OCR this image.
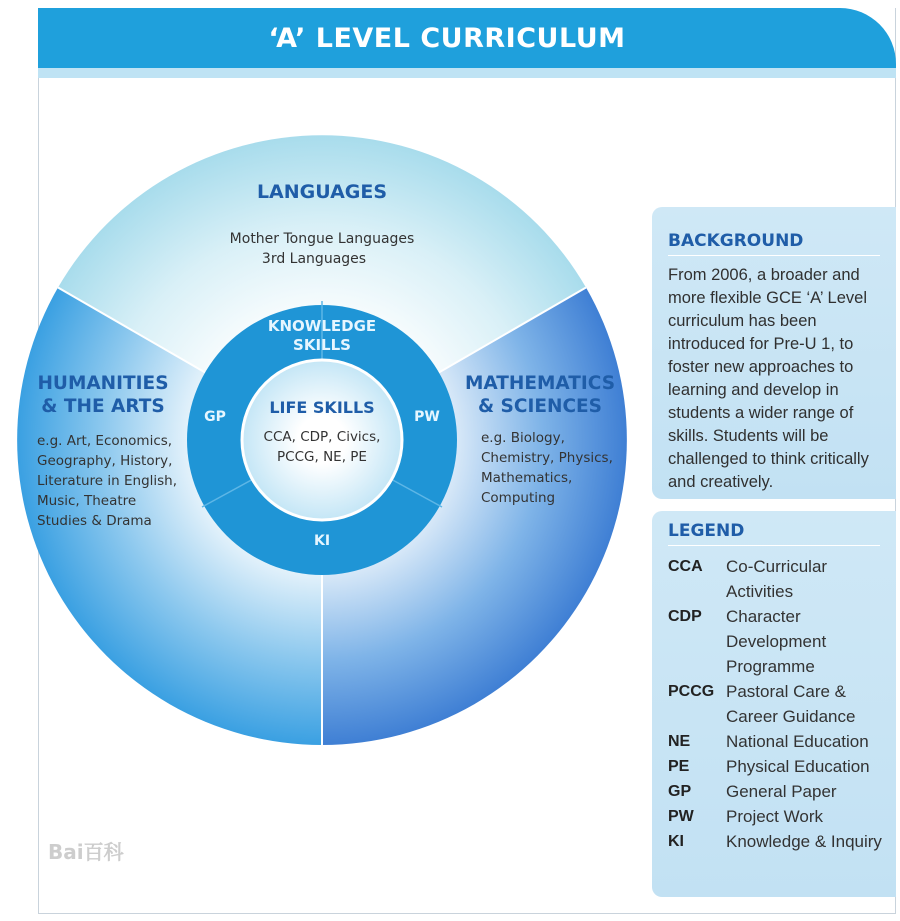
‘A’ LEVEL CURRICULUM
LANGUAGES
Mother Tongue Languages
3rd Languages
HUMANITIES
& THE ARTS
e.g. Art, Economics,
Geography, History,
Literature in English,
Music, Theatre
Studies & Drama
MATHEMATICS
& SCIENCES
e.g. Biology,
Chemistry, Physics,
Mathematics,
Computing
KNOWLEDGE
SKILLS
GP	PW
KI
LIFE SKILLS
CCA, CDP, Civics,
PCCG, NE, PE
BACKGROUND
From 2006, a broader and more flexible GCE ‘A’ Level curriculum has been introduced for Pre-U 1, to foster new approaches to learning and develop in students a wider range of skills. Students will be challenged to think critically and creatively.
LEGEND
CCA	Co-Curricular Activities
CDP	Character Development Programme
PCCG Pastoral Care & Career Guidance
NE	National Education
PE	Physical Education
GP	General Paper
PW	Project Work
KI	Knowledge & Inquiry
Bai百科
